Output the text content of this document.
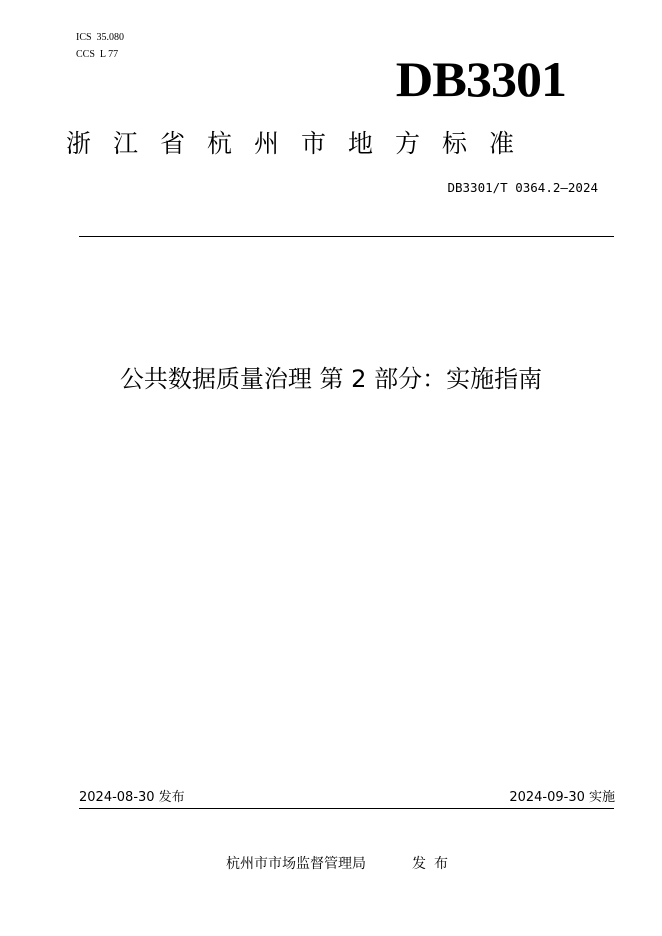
ICS  35.080
CCS  L 77	DB3301
浙江省杭州市地方标准
DB3301/T 0364.2—2024
公共数据质量治理 第 2 部分：实施指南
2024-08-30 发布	2024-09-30 实施
杭州市市场监督管理局	发布
